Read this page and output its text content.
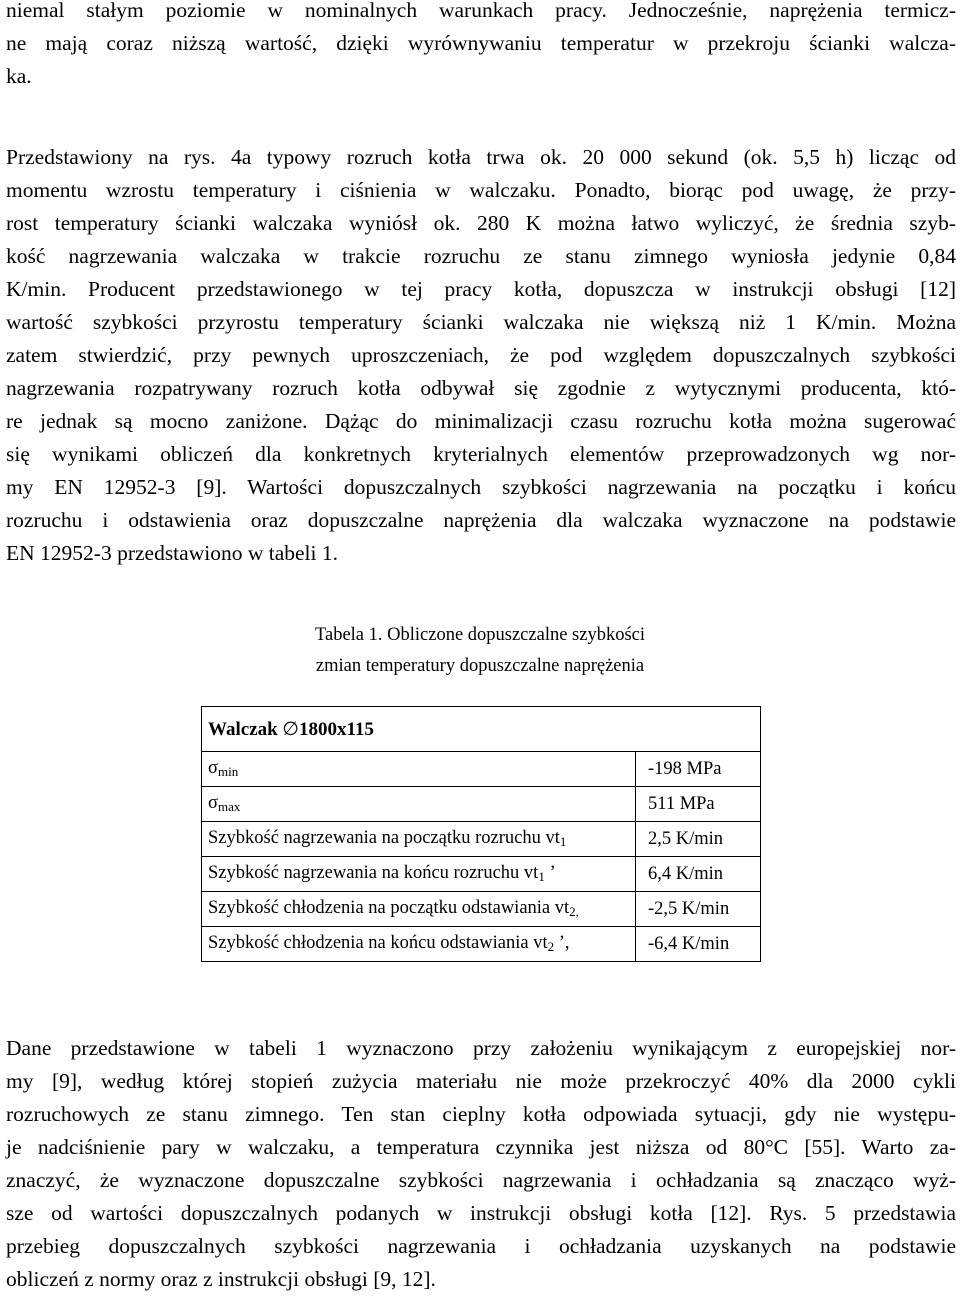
niemal stałym poziomie w nominalnych warunkach pracy. Jednocześnie, naprężenia termicz-
ne mają coraz niższą wartość, dzięki wyrównywaniu temperatur w przekroju ścianki walcza-
ka.
Przedstawiony na rys. 4a typowy rozruch kotła trwa ok. 20 000 sekund (ok. 5,5 h) licząc od
momentu wzrostu temperatury i ciśnienia w walczaku. Ponadto, biorąc pod uwagę, że przy-
rost temperatury ścianki walczaka wyniósł ok. 280 K można łatwo wyliczyć, że średnia szyb-
kość nagrzewania walczaka w trakcie rozruchu ze stanu zimnego wyniosła jedynie 0,84
K/min. Producent przedstawionego w tej pracy kotła, dopuszcza w instrukcji obsługi [12]
wartość szybkości przyrostu temperatury ścianki walczaka nie większą niż 1 K/min. Można
zatem stwierdzić, przy pewnych uproszczeniach, że pod względem dopuszczalnych szybkości
nagrzewania rozpatrywany rozruch kotła odbywał się zgodnie z wytycznymi producenta, któ-
re jednak są mocno zaniżone. Dążąc do minimalizacji czasu rozruchu kotła można sugerować
się wynikami obliczeń dla konkretnych kryterialnych elementów przeprowadzonych wg nor-
my EN 12952-3 [9]. Wartości dopuszczalnych szybkości nagrzewania na początku i końcu
rozruchu i odstawienia oraz dopuszczalne naprężenia dla walczaka wyznaczone na podstawie
EN 12952-3 przedstawiono w tabeli 1.
Tabela 1. Obliczone dopuszczalne szybkości
zmian temperatury dopuszczalne naprężenia
Walczak ∅1800x115	
$\sigma_{min}$	-198 MPa
$\sigma_{max}$	511 MPa
Szybkość nagrzewania na początku rozruchu $vt_1$	2,5 K/min
Szybkość nagrzewania na końcu rozruchu $vt_1$ ’	6,4 K/min
Szybkość chłodzenia na początku odstawiania $vt_{2,}$	-2,5 K/min
Szybkość chłodzenia na końcu odstawiania $vt_2$ ’,	-6,4 K/min
Dane przedstawione w tabeli 1 wyznaczono przy założeniu wynikającym z europejskiej nor-
my [9], według której stopień zużycia materiału nie może przekroczyć 40% dla 2000 cykli
rozruchowych ze stanu zimnego. Ten stan cieplny kotła odpowiada sytuacji, gdy nie występu-
je nadciśnienie pary w walczaku, a temperatura czynnika jest niższa od 80°C [55]. Warto za-
znaczyć, że wyznaczone dopuszczalne szybkości nagrzewania i ochładzania są znacząco wyż-
sze od wartości dopuszczalnych podanych w instrukcji obsługi kotła [12]. Rys. 5 przedstawia
przebieg dopuszczalnych szybkości nagrzewania i ochładzania uzyskanych na podstawie
obliczeń z normy oraz z instrukcji obsługi [9, 12].
